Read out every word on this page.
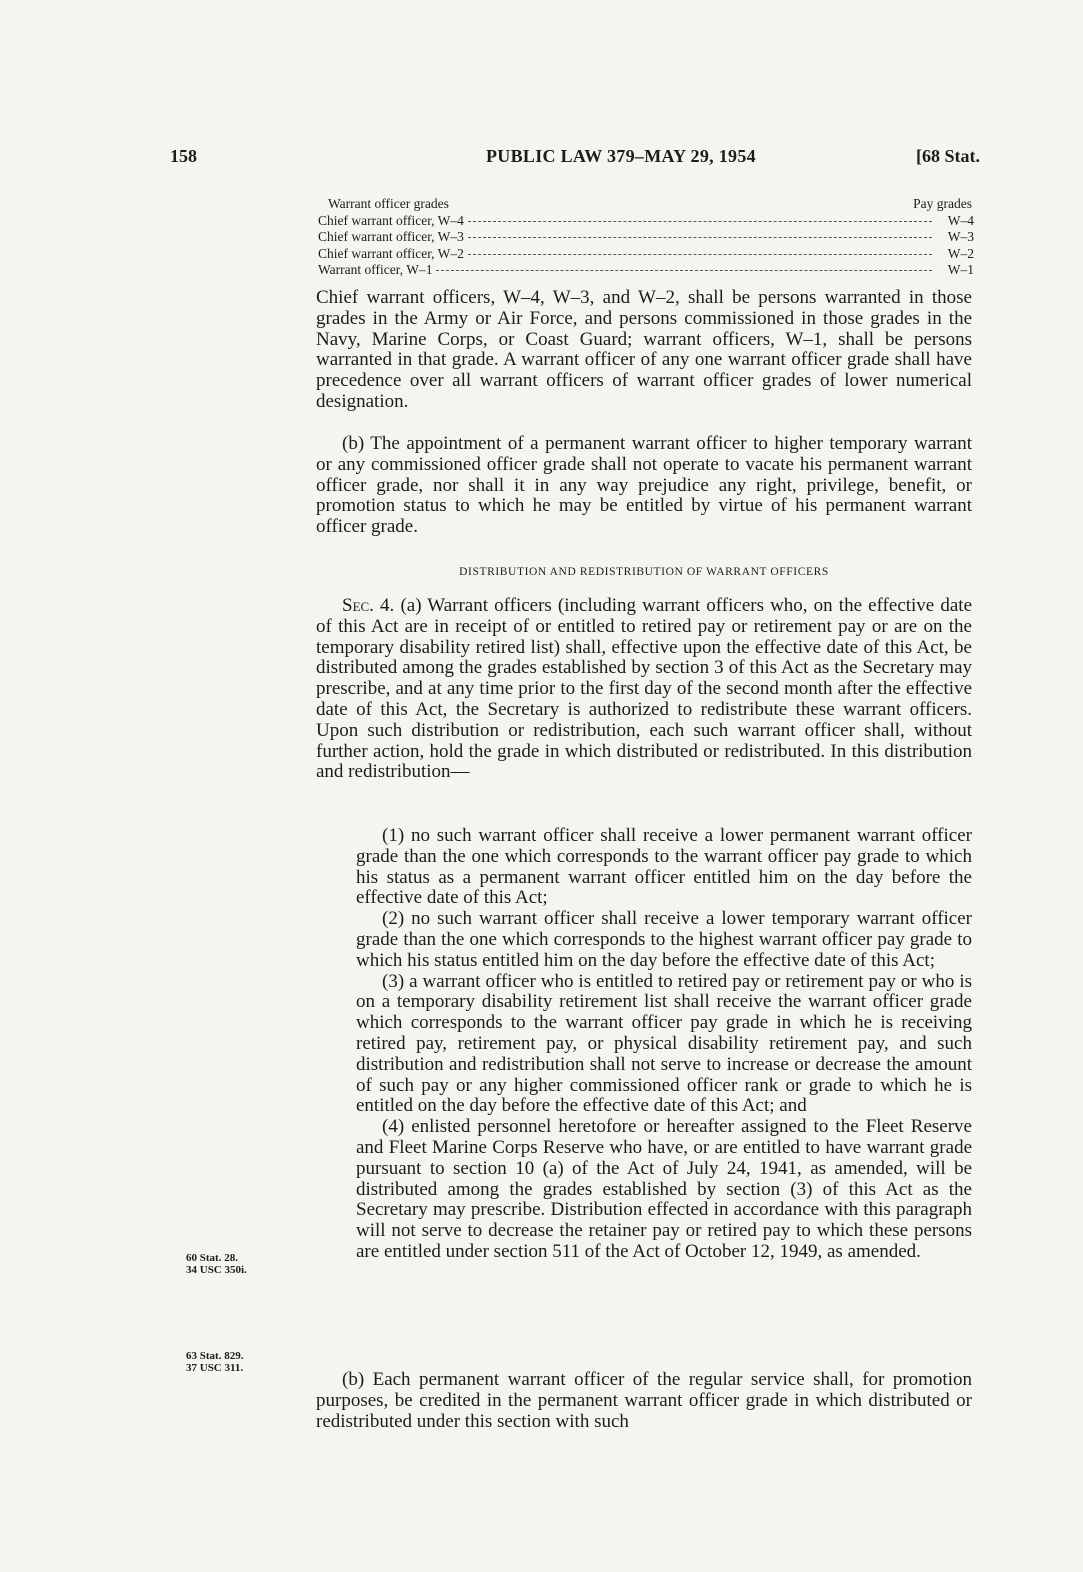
158	PUBLIC LAW 379–MAY 29, 1954	[68 Stat.
Warrant officer grades	Pay grades
Chief warrant officer, W–4	W–4
Chief warrant officer, W–3	W–3
Chief warrant officer, W–2	W–2
Warrant officer, W–1	W–1
Chief warrant officers, W–4, W–3, and W–2, shall be persons warranted in those grades in the Army or Air Force, and persons commissioned in those grades in the Navy, Marine Corps, or Coast Guard; warrant officers, W–1, shall be persons warranted in that grade. A warrant officer of any one warrant officer grade shall have precedence over all warrant officers of warrant officer grades of lower numerical designation.
(b) The appointment of a permanent warrant officer to higher temporary warrant or any commissioned officer grade shall not operate to vacate his permanent warrant officer grade, nor shall it in any way prejudice any right, privilege, benefit, or promotion status to which he may be entitled by virtue of his permanent warrant officer grade.
DISTRIBUTION AND REDISTRIBUTION OF WARRANT OFFICERS
Sec. 4. (a) Warrant officers (including warrant officers who, on the effective date of this Act are in receipt of or entitled to retired pay or retirement pay or are on the temporary disability retired list) shall, effective upon the effective date of this Act, be distributed among the grades established by section 3 of this Act as the Secretary may prescribe, and at any time prior to the first day of the second month after the effective date of this Act, the Secretary is authorized to redistribute these warrant officers. Upon such distribution or redistribution, each such warrant officer shall, without further action, hold the grade in which distributed or redistributed. In this distribution and redistribution—

(1) no such warrant officer shall receive a lower permanent warrant officer grade than the one which corresponds to the warrant officer pay grade to which his status as a permanent warrant officer entitled him on the day before the effective date of this Act;

(2) no such warrant officer shall receive a lower temporary warrant officer grade than the one which corresponds to the highest warrant officer pay grade to which his status entitled him on the day before the effective date of this Act;

(3) a warrant officer who is entitled to retired pay or retirement pay or who is on a temporary disability retirement list shall receive the warrant officer grade which corresponds to the warrant officer pay grade in which he is receiving retired pay, retirement pay, or physical disability retirement pay, and such distribution and redistribution shall not serve to increase or decrease the amount of such pay or any higher commissioned officer rank or grade to which he is entitled on the day before the effective date of this Act; and

(4) enlisted personnel heretofore or hereafter assigned to the Fleet Reserve and Fleet Marine Corps Reserve who have, or are entitled to have warrant grade pursuant to section 10 (a) of the Act of July 24, 1941, as amended, will be distributed among the grades established by section (3) of this Act as the Secretary may prescribe. Distribution effected in accordance with this paragraph will not serve to decrease the retainer pay or retired pay to which these persons are entitled under section 511 of the Act of October 12, 1949, as amended.

(b) Each permanent warrant officer of the regular service shall, for promotion purposes, be credited in the permanent warrant officer grade in which distributed or redistributed under this section with such
60 Stat. 28.
34 USC 350i.
63 Stat. 829.
37 USC 311.
